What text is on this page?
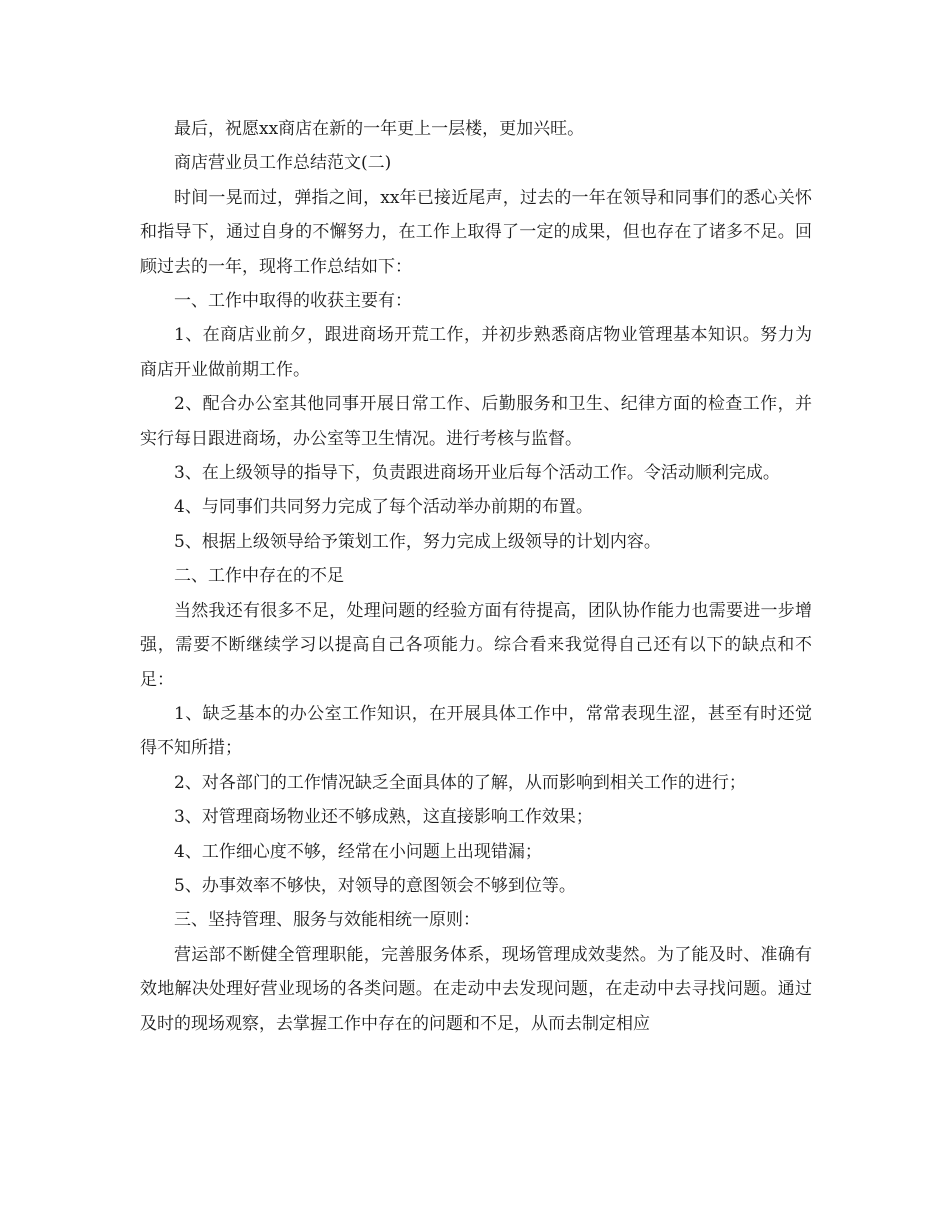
最后，祝愿xx商店在新的一年更上一层楼，更加兴旺。

商店营业员工作总结范文(二)

时间一晃而过，弹指之间，xx年已接近尾声，过去的一年在领导和同事们的悉心关怀和指导下，通过自身的不懈努力，在工作上取得了一定的成果，但也存在了诸多不足。回顾过去的一年，现将工作总结如下：

一、工作中取得的收获主要有：

1、在商店业前夕，跟进商场开荒工作，并初步熟悉商店物业管理基本知识。努力为商店开业做前期工作。

2、配合办公室其他同事开展日常工作、后勤服务和卫生、纪律方面的检查工作，并实行每日跟进商场，办公室等卫生情况。进行考核与监督。

3、在上级领导的指导下，负责跟进商场开业后每个活动工作。令活动顺利完成。

4、与同事们共同努力完成了每个活动举办前期的布置。

5、根据上级领导给予策划工作，努力完成上级领导的计划内容。

二、工作中存在的不足

当然我还有很多不足，处理问题的经验方面有待提高，团队协作能力也需要进一步增强，需要不断继续学习以提高自己各项能力。综合看来我觉得自己还有以下的缺点和不足：

1、缺乏基本的办公室工作知识，在开展具体工作中，常常表现生涩，甚至有时还觉得不知所措；

2、对各部门的工作情况缺乏全面具体的了解，从而影响到相关工作的进行；

3、对管理商场物业还不够成熟，这直接影响工作效果；

4、工作细心度不够，经常在小问题上出现错漏；

5、办事效率不够快，对领导的意图领会不够到位等。

三、坚持管理、服务与效能相统一原则：

营运部不断健全管理职能，完善服务体系，现场管理成效斐然。为了能及时、准确有效地解决处理好营业现场的各类问题。在走动中去发现问题，在走动中去寻找问题。通过及时的现场观察，去掌握工作中存在的问题和不足，从而去制定相应
